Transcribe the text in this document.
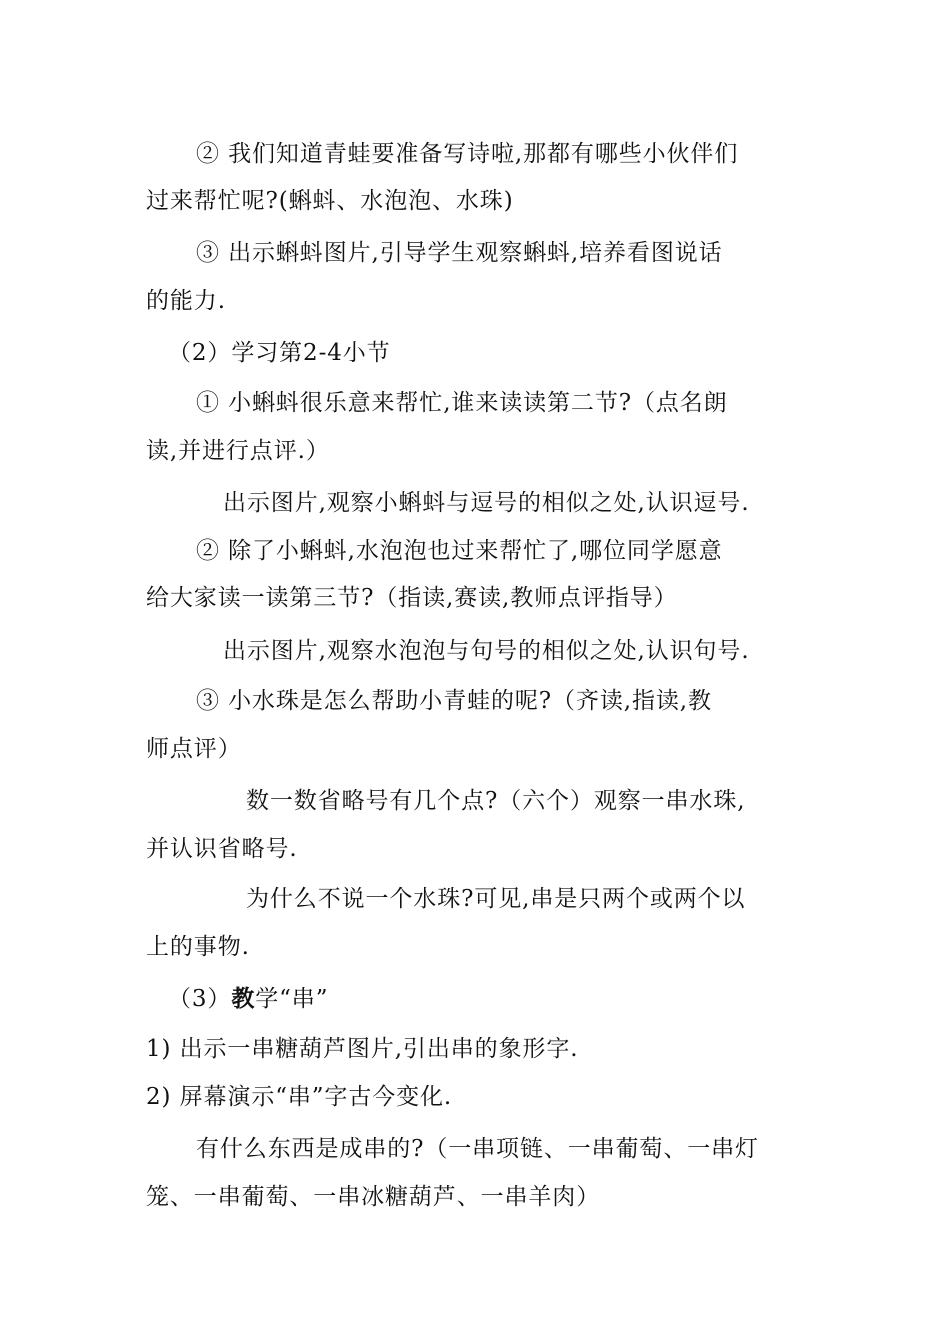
② 我们知道青蛙要准备写诗啦,那都有哪些小伙伴们
过来帮忙呢?(蝌蚪、水泡泡、水珠)
③ 出示蝌蚪图片,引导学生观察蝌蚪,培养看图说话
的能力.
（2）学习第2-4小节
① 小蝌蚪很乐意来帮忙,谁来读读第二节?（点名朗
读,并进行点评.）
出示图片,观察小蝌蚪与逗号的相似之处,认识逗号.
② 除了小蝌蚪,水泡泡也过来帮忙了,哪位同学愿意
给大家读一读第三节?（指读,赛读,教师点评指导）
出示图片,观察水泡泡与句号的相似之处,认识句号.
③ 小水珠是怎么帮助小青蛙的呢?（齐读,指读,教
师点评）
数一数省略号有几个点?（六个）观察一串水珠,
并认识省略号.
为什么不说一个水珠?可见,串是只两个或两个以
上的事物.
（3）教学“串”
1) 出示一串糖葫芦图片,引出串的象形字.
2) 屏幕演示“串”字古今变化.
有什么东西是成串的?（一串项链、一串葡萄、一串灯
笼、一串葡萄、一串冰糖葫芦、一串羊肉）
